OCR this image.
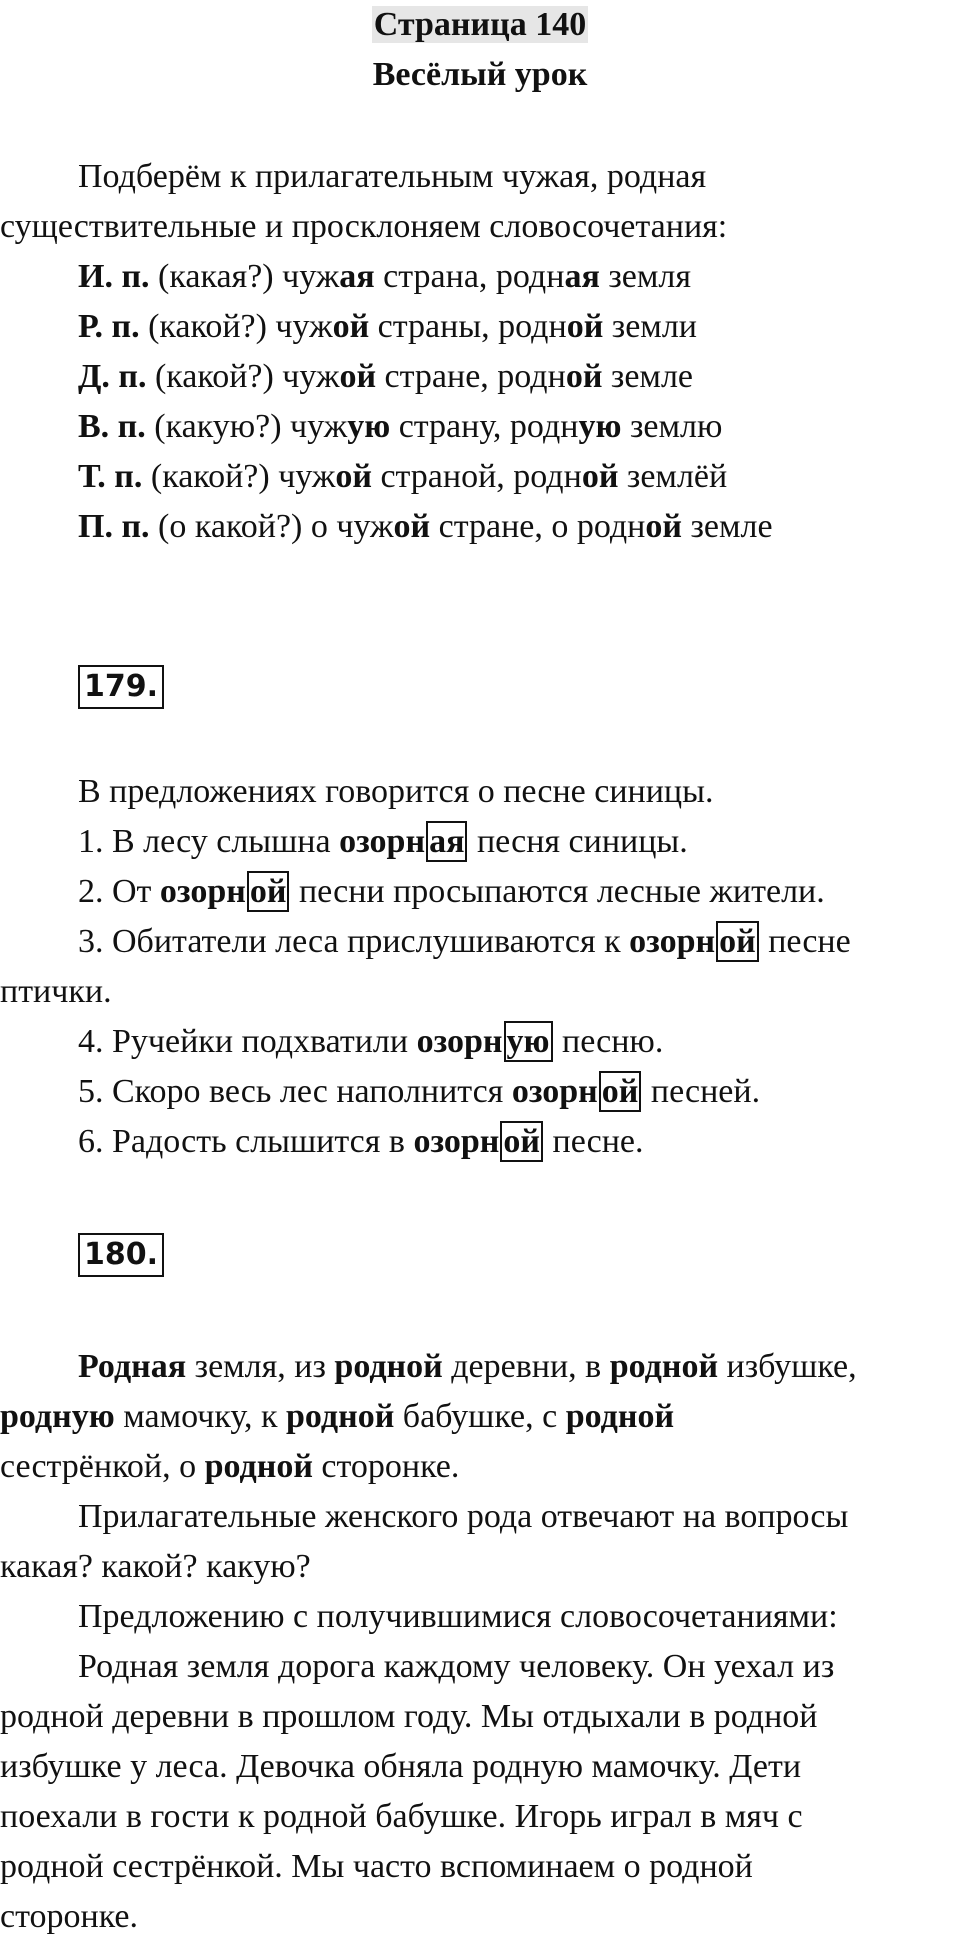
Страница 140
Весёлый урок
Подберём к прилагательным чужая, родная
существительные и просклоняем словосочетания:
И. п. (какая?) чужая страна, родная земля
Р. п. (какой?) чужой страны, родной земли
Д. п. (какой?) чужой стране, родной земле
В. п. (какую?) чужую страну, родную землю
Т. п. (какой?) чужой страной, родной землёй
П. п. (о какой?) о чужой стране, о родной земле
179.
В предложениях говорится о песне синицы.
1. В лесу слышна озорн ая песня синицы.
2. От озорн ой песни просыпаются лесные жители.
3. Обитатели леса прислушиваются к озорн ой песне
птички.
4. Ручейки подхватили озорн ую песню.
5. Скоро весь лес наполнится озорн ой песней.
6. Радость слышится в озорн ой песне.
180.
Родная земля, из родной деревни, в родной избушке,
родную мамочку, к родной бабушке, с родной
сестрёнкой, о родной сторонке.
Прилагательные женского рода отвечают на вопросы
какая? какой? какую?
Предложению с получившимися словосочетаниями:
Родная земля дорога каждому человеку. Он уехал из
родной деревни в прошлом году. Мы отдыхали в родной
избушке у леса. Девочка обняла родную мамочку. Дети
поехали в гости к родной бабушке. Игорь играл в мяч с
родной сестрёнкой. Мы часто вспоминаем о родной
сторонке.
